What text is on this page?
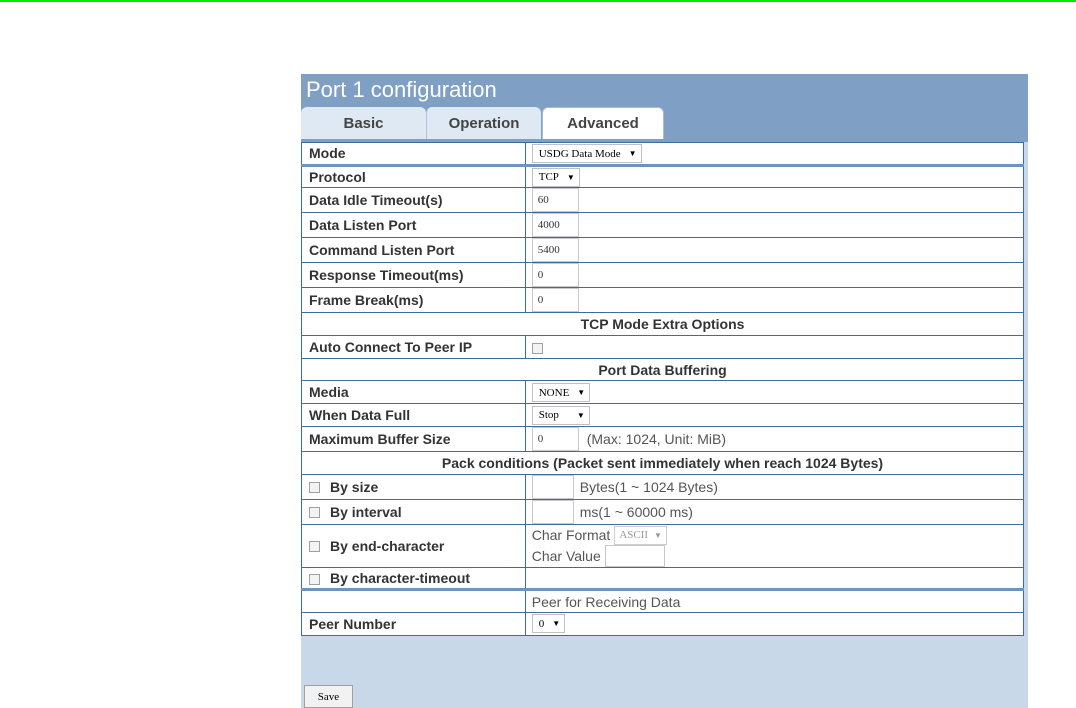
Port 1 configuration
Basic	Operation	Advanced
Mode	USDG Data Mode ▼

Protocol	TCP ▼

Data Idle Timeout(s)	60
Data Listen Port	4000
Command Listen Port	5400
Response Timeout(ms)	0
Frame Break(ms)	0
TCP Mode Extra Options	
Auto Connect To Peer IP	
Port Data Buffering	
Media	NONE ▼

When Data Full	Stop ▼

Maximum Buffer Size	0 (Max: 1024, Unit: MiB)
Pack conditions (Packet sent immediately when reach 1024 Bytes)	
By size	Bytes(1 ~ 1024 Bytes)
By interval	ms(1 ~ 60000 ms)
By end-character	Char Format ASCII ▼
Char Value

By character-timeout	
	Peer for Receiving Data
Peer Number	0 ▼
Save
